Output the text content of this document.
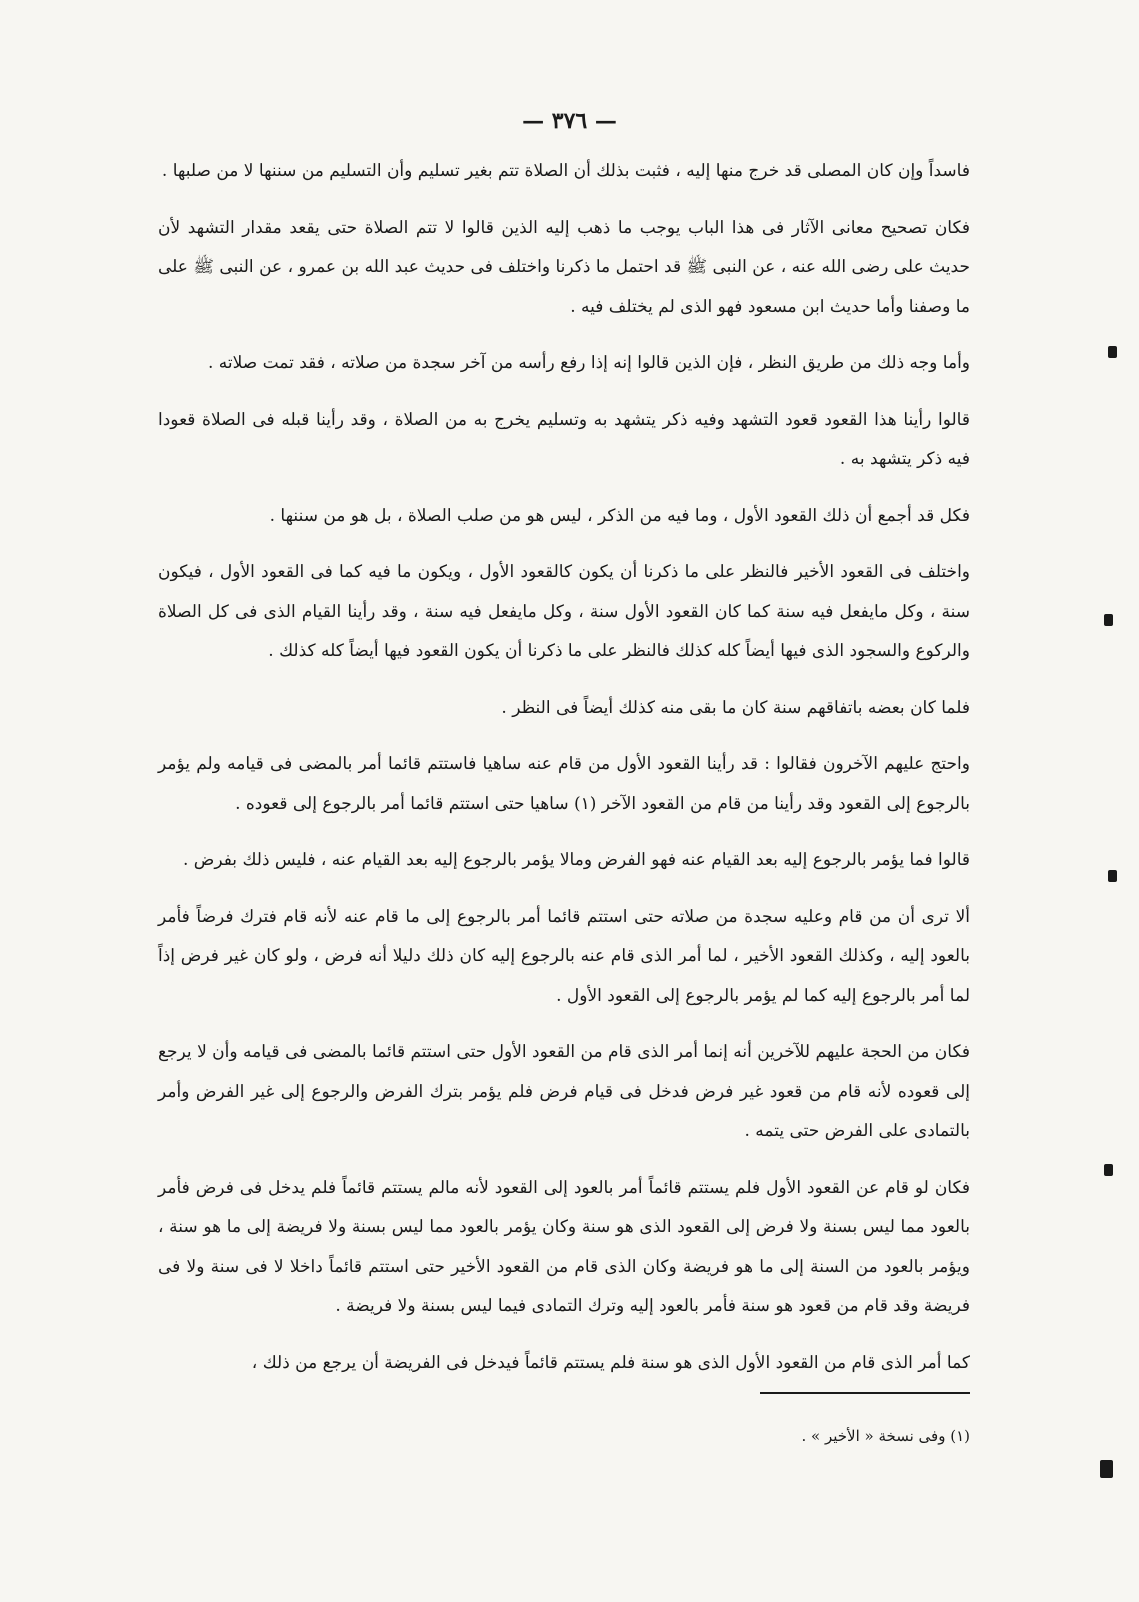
— ٣٧٦ —

فاسداً وإن كان المصلى قد خرج منها إليه ، فثبت بذلك أن الصلاة تتم بغير تسليم وأن التسليم من سننها لا من صلبها .

فكان تصحيح معانى الآثار فى هذا الباب يوجب ما ذهب إليه الذين قالوا لا تتم الصلاة حتى يقعد مقدار التشهد لأن حديث على رضى الله عنه ، عن النبى ﷺ قد احتمل ما ذكرنا واختلف فى حديث عبد الله بن عمرو ، عن النبى ﷺ على ما وصفنا وأما حديث ابن مسعود فهو الذى لم يختلف فيه .

وأما وجه ذلك من طريق النظر ، فإن الذين قالوا إنه إذا رفع رأسه من آخر سجدة من صلاته ، فقد تمت صلاته .

قالوا رأينا هذا القعود قعود التشهد وفيه ذكر يتشهد به وتسليم يخرج به من الصلاة ، وقد رأينا قبله فى الصلاة قعودا فيه ذكر يتشهد به .

فكل قد أجمع أن ذلك القعود الأول ، وما فيه من الذكر ، ليس هو من صلب الصلاة ، بل هو من سننها .

واختلف فى القعود الأخير فالنظر على ما ذكرنا أن يكون كالقعود الأول ، ويكون ما فيه كما فى القعود الأول ، فيكون سنة ، وكل مايفعل فيه سنة كما كان القعود الأول سنة ، وكل مايفعل فيه سنة ، وقد رأينا القيام الذى فى كل الصلاة والركوع والسجود الذى فيها أيضاً كله كذلك فالنظر على ما ذكرنا أن يكون القعود فيها أيضاً كله كذلك .

فلما كان بعضه باتفاقهم سنة كان ما بقى منه كذلك أيضاً فى النظر .

واحتج عليهم الآخرون فقالوا : قد رأينا القعود الأول من قام عنه ساهيا فاستتم قائما أمر بالمضى فى قيامه ولم يؤمر بالرجوع إلى القعود وقد رأينا من قام من القعود الآخر (١) ساهيا حتى استتم قائما أمر بالرجوع إلى قعوده .

قالوا فما يؤمر بالرجوع إليه بعد القيام عنه فهو الفرض ومالا يؤمر بالرجوع إليه بعد القيام عنه ، فليس ذلك بفرض .

ألا ترى أن من قام وعليه سجدة من صلاته حتى استتم قائما أمر بالرجوع إلى ما قام عنه لأنه قام فترك فرضاً فأمر بالعود إليه ، وكذلك القعود الأخير ، لما أمر الذى قام عنه بالرجوع إليه كان ذلك دليلا أنه فرض ، ولو كان غير فرض إذاً لما أمر بالرجوع إليه كما لم يؤمر بالرجوع إلى القعود الأول .

فكان من الحجة عليهم للآخرين أنه إنما أمر الذى قام من القعود الأول حتى استتم قائما بالمضى فى قيامه وأن لا يرجع إلى قعوده لأنه قام من قعود غير فرض فدخل فى قيام فرض فلم يؤمر بترك الفرض والرجوع إلى غير الفرض وأمر بالتمادى على الفرض حتى يتمه .

فكان لو قام عن القعود الأول فلم يستتم قائماً أمر بالعود إلى القعود لأنه مالم يستتم قائماً فلم يدخل فى فرض فأمر بالعود مما ليس بسنة ولا فرض إلى القعود الذى هو سنة وكان يؤمر بالعود مما ليس بسنة ولا فريضة إلى ما هو سنة ، ويؤمر بالعود من السنة إلى ما هو فريضة وكان الذى قام من القعود الأخير حتى استتم قائماً داخلا لا فى سنة ولا فى فريضة وقد قام من قعود هو سنة فأمر بالعود إليه وترك التمادى فيما ليس بسنة ولا فريضة .

كما أمر الذى قام من القعود الأول الذى هو سنة فلم يستتم قائماً فيدخل فى الفريضة أن يرجع من ذلك ،

(١) وفى نسخة « الأخير » .
